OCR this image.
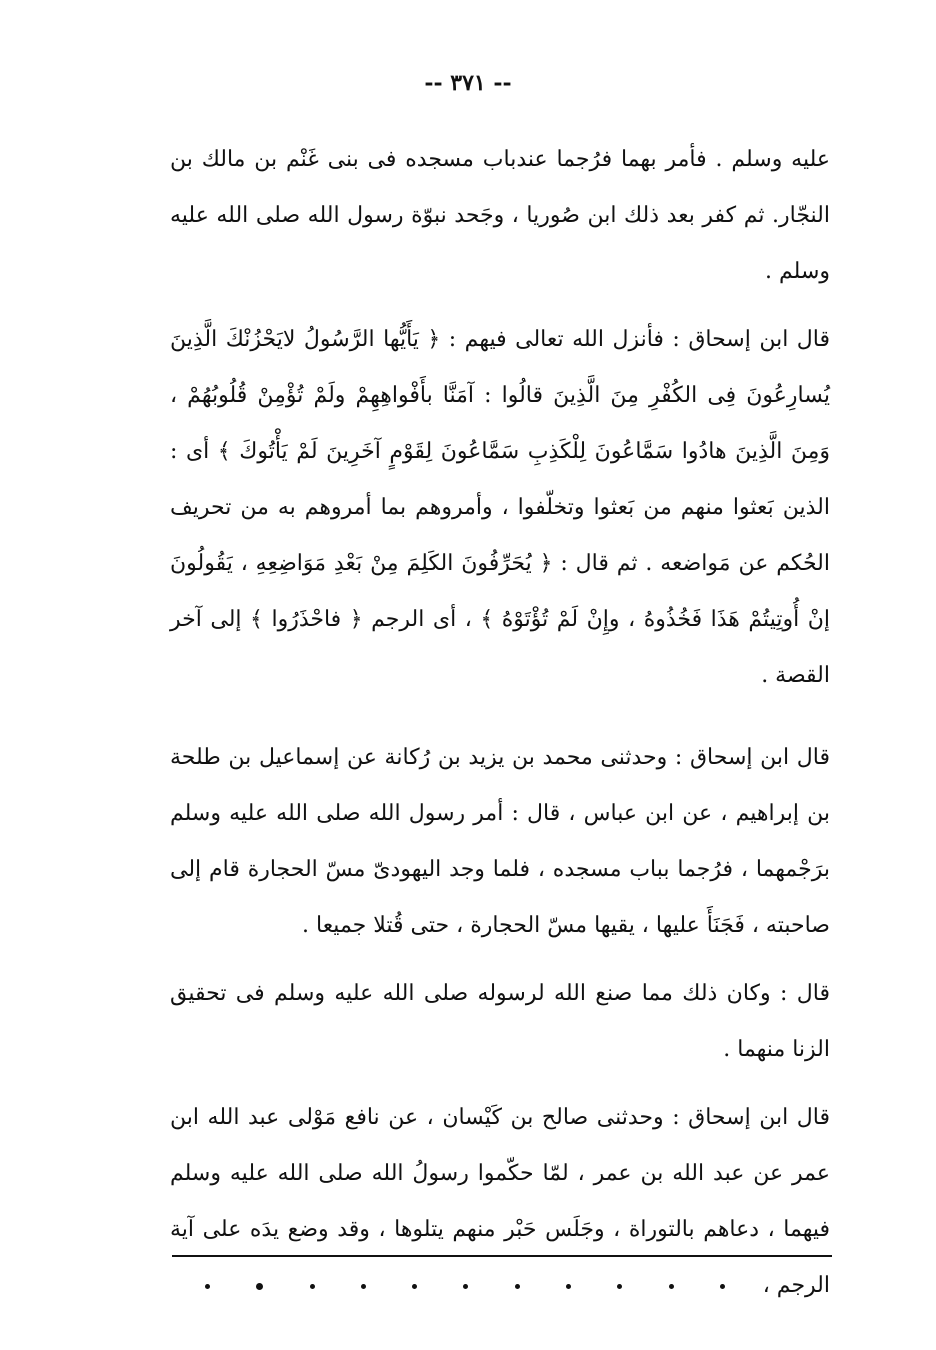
-- ٣٧١ --

عليه وسلم . فأمر بهما فرُجما عندباب مسجده فى بنى غَنْم بن مالك بن النجّار. ثم كفر بعد ذلك ابن صُوريا ، وجَحد نبوّة رسول الله صلى الله عليه وسلم .

قال ابن إسحاق : فأنزل الله تعالى فيهم : ﴿ يَأَيُّها الرَّسُولُ لايَحْزُنْكَ الَّذِينَ يُسارِعُونَ فِى الكُفْرِ مِنَ الَّذِينَ قالُوا : آمَنَّا بأَفْواهِهِمْ ولَمْ تُؤْمِنْ قُلُوبُهُمْ ، وَمِنَ الَّذِينَ هادُوا سَمَّاعُونَ لِلْكَذِبِ سَمَّاعُونَ لِقَوْمٍ آخَرِينَ لَمْ يَأْتُوكَ ﴾ أى : الذين بَعثوا منهم من بَعثوا وتخلّفوا ، وأمروهم بما أمروهم به من تحريف الحُكم عن مَواضعه . ثم قال : ﴿ يُحَرِّفُونَ الكَلِمَ مِنْ بَعْدِ مَوَاضِعِهِ ، يَقُولُونَ إنْ أُوتِيتُمْ هَذَا فَخُذُوهُ ، وإِنْ لَمْ تُؤْتَوْهُ ﴾ ، أى الرجم ﴿ فاحْذَرُوا ﴾ إلى آخر القصة .

قال ابن إسحاق : وحدثنى محمد بن يزيد بن رُكانة عن إسماعيل بن طلحة بن إبراهيم ، عن ابن عباس ، قال : أمر رسول الله صلى الله عليه وسلم برَجْمهما ، فرُجما بباب مسجده ، فلما وجد اليهودىّ مسّ الحجارة قام إلى صاحبته ، فَجَنَأَ عليها ، يقيها مسّ الحجارة ، حتى قُتلا جميعا .

قال : وكان ذلك مما صنع الله لرسوله صلى الله عليه وسلم فى تحقيق الزنا منهما .

قال ابن إسحاق : وحدثنى صالح بن كَيْسان ، عن نافع مَوْلى عبد الله ابن عمر عن عبد الله بن عمر ، لمّا حكّموا رسولُ الله صلى الله عليه وسلم فيهما ، دعاهم بالتوراة ، وجَلَس حَبْر منهم يتلوها ، وقد وضع يدَه على آية الرجم ،
